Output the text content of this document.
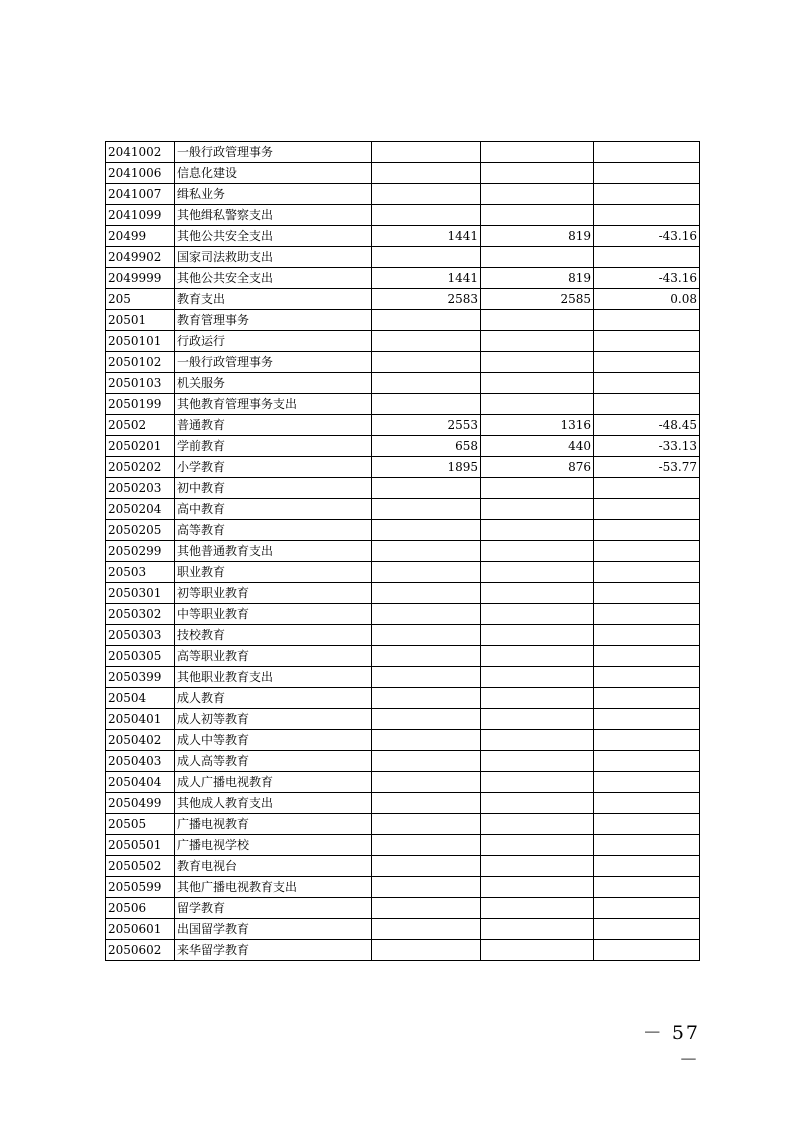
2041002	一般行政管理事务			
2041006	信息化建设			
2041007	缉私业务			
2041099	其他缉私警察支出			
20499	其他公共安全支出	1441	819	-43.16
2049902	国家司法救助支出			
2049999	其他公共安全支出	1441	819	-43.16
205	教育支出	2583	2585	0.08
20501	教育管理事务			
2050101	行政运行			
2050102	一般行政管理事务			
2050103	机关服务			
2050199	其他教育管理事务支出			
20502	普通教育	2553	1316	-48.45
2050201	学前教育	658	440	-33.13
2050202	小学教育	1895	876	-53.77
2050203	初中教育			
2050204	高中教育			
2050205	高等教育			
2050299	其他普通教育支出			
20503	职业教育			
2050301	初等职业教育			
2050302	中等职业教育			
2050303	技校教育			
2050305	高等职业教育			
2050399	其他职业教育支出			
20504	成人教育			
2050401	成人初等教育			
2050402	成人中等教育			
2050403	成人高等教育			
2050404	成人广播电视教育			
2050499	其他成人教育支出			
20505	广播电视教育			
2050501	广播电视学校			
2050502	教育电视台			
2050599	其他广播电视教育支出			
20506	留学教育			
2050601	出国留学教育			
2050602	来华留学教育			
－ 57 －
